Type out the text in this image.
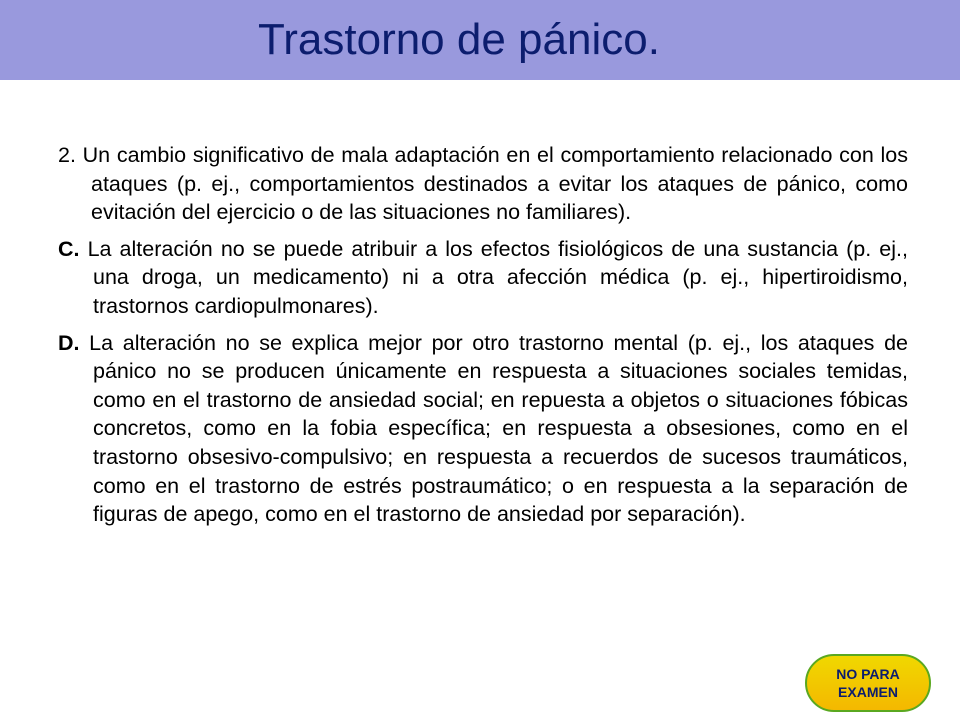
Trastorno de pánico.

2. Un cambio significativo de mala adaptación en el comportamiento relacionado con los ataques (p. ej., comportamientos destinados a evitar los ataques de pánico, como evitación del ejercicio o de las situaciones no familiares).

C. La alteración no se puede atribuir a los efectos fisiológicos de una sustancia (p. ej., una droga, un medicamento) ni a otra afección médica (p. ej., hipertiroidismo, trastornos cardiopulmonares).

D. La alteración no se explica mejor por otro trastorno mental (p. ej., los ataques de pánico no se producen únicamente en respuesta a situaciones sociales temidas, como en el trastorno de ansiedad social; en repuesta a objetos o situaciones fóbicas concretos, como en la fobia específica; en respuesta a obsesiones, como en el trastorno obsesivo-compulsivo; en respuesta a recuerdos de sucesos traumáticos, como en el trastorno de estrés postraumático; o en respuesta a la separación de figuras de apego, como en el trastorno de ansiedad por separación).

NO PARA
EXAMEN
